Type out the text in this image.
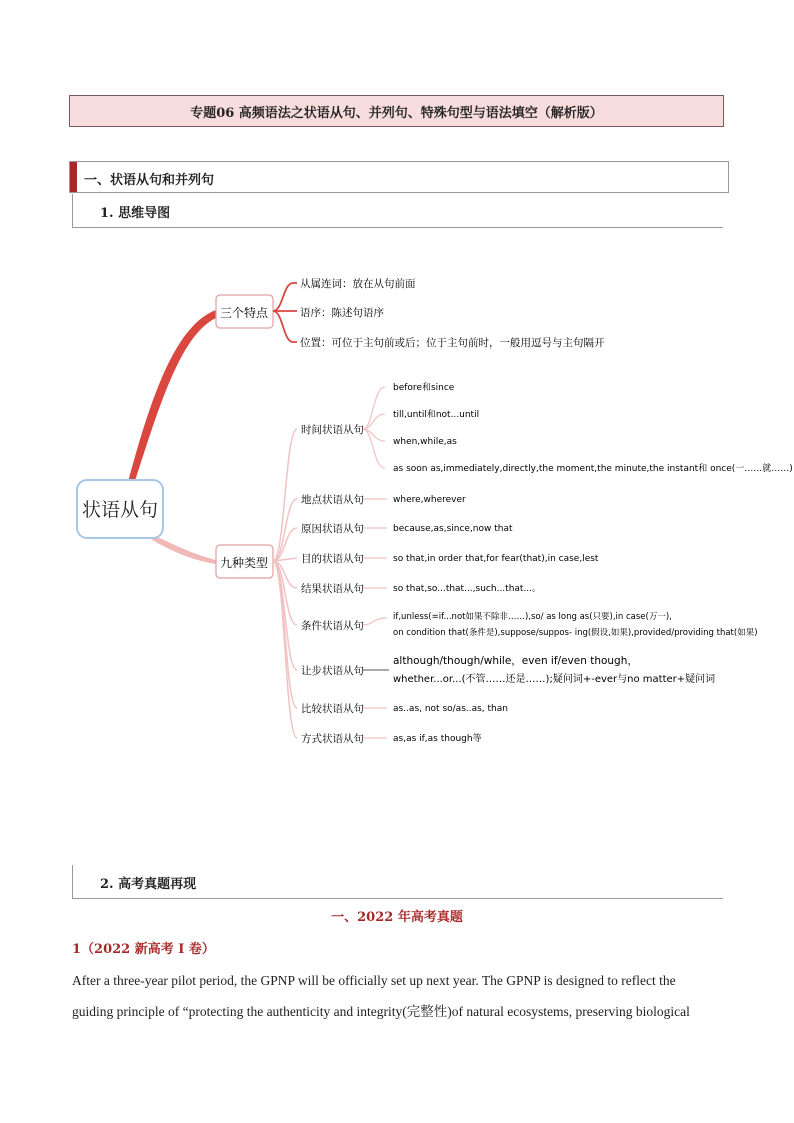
专题06 高频语法之状语从句、并列句、特殊句型与语法填空（解析版）
一、状语从句和并列句
1. 思维导图
状语从句
三个特点
从属连词：放在从句前面
语序：陈述句语序
位置：可位于主句前或后；位于主句前时，一般用逗号与主句隔开
九种类型
时间状语从句
before和since
till,until和not...until
when,while,as
as soon as,immediately,directly,the moment,the minute,the instant和 once(一……就……)
地点状语从句	where,wherever
原因状语从句	because,as,since,now that
目的状语从句	so that,in order that,for fear(that),in case,lest
结果状语从句	so that,so...that...,such...that...。
条件状语从句
if,unless(=if...not如果不除非……),so/ as long as(只要),in case(万一),
on condition that(条件是),suppose/suppos- ing(假设,如果),provided/providing that(如果)
让步状语从句
although/though/while，even if/even though，
whether...or...(不管……还是……);疑问词+-ever与no matter+疑问词
比较状语从句	as..as, not so/as..as, than
方式状语从句	as,as if,as though等
2. 高考真题再现
一、2022 年高考真题
1（2022 新高考 I 卷）
After a three-year pilot period, the GPNP will be officially set up next year. The GPNP is designed to reflect the
guiding principle of “protecting the authenticity and integrity(完整性)of natural ecosystems, preserving biological
